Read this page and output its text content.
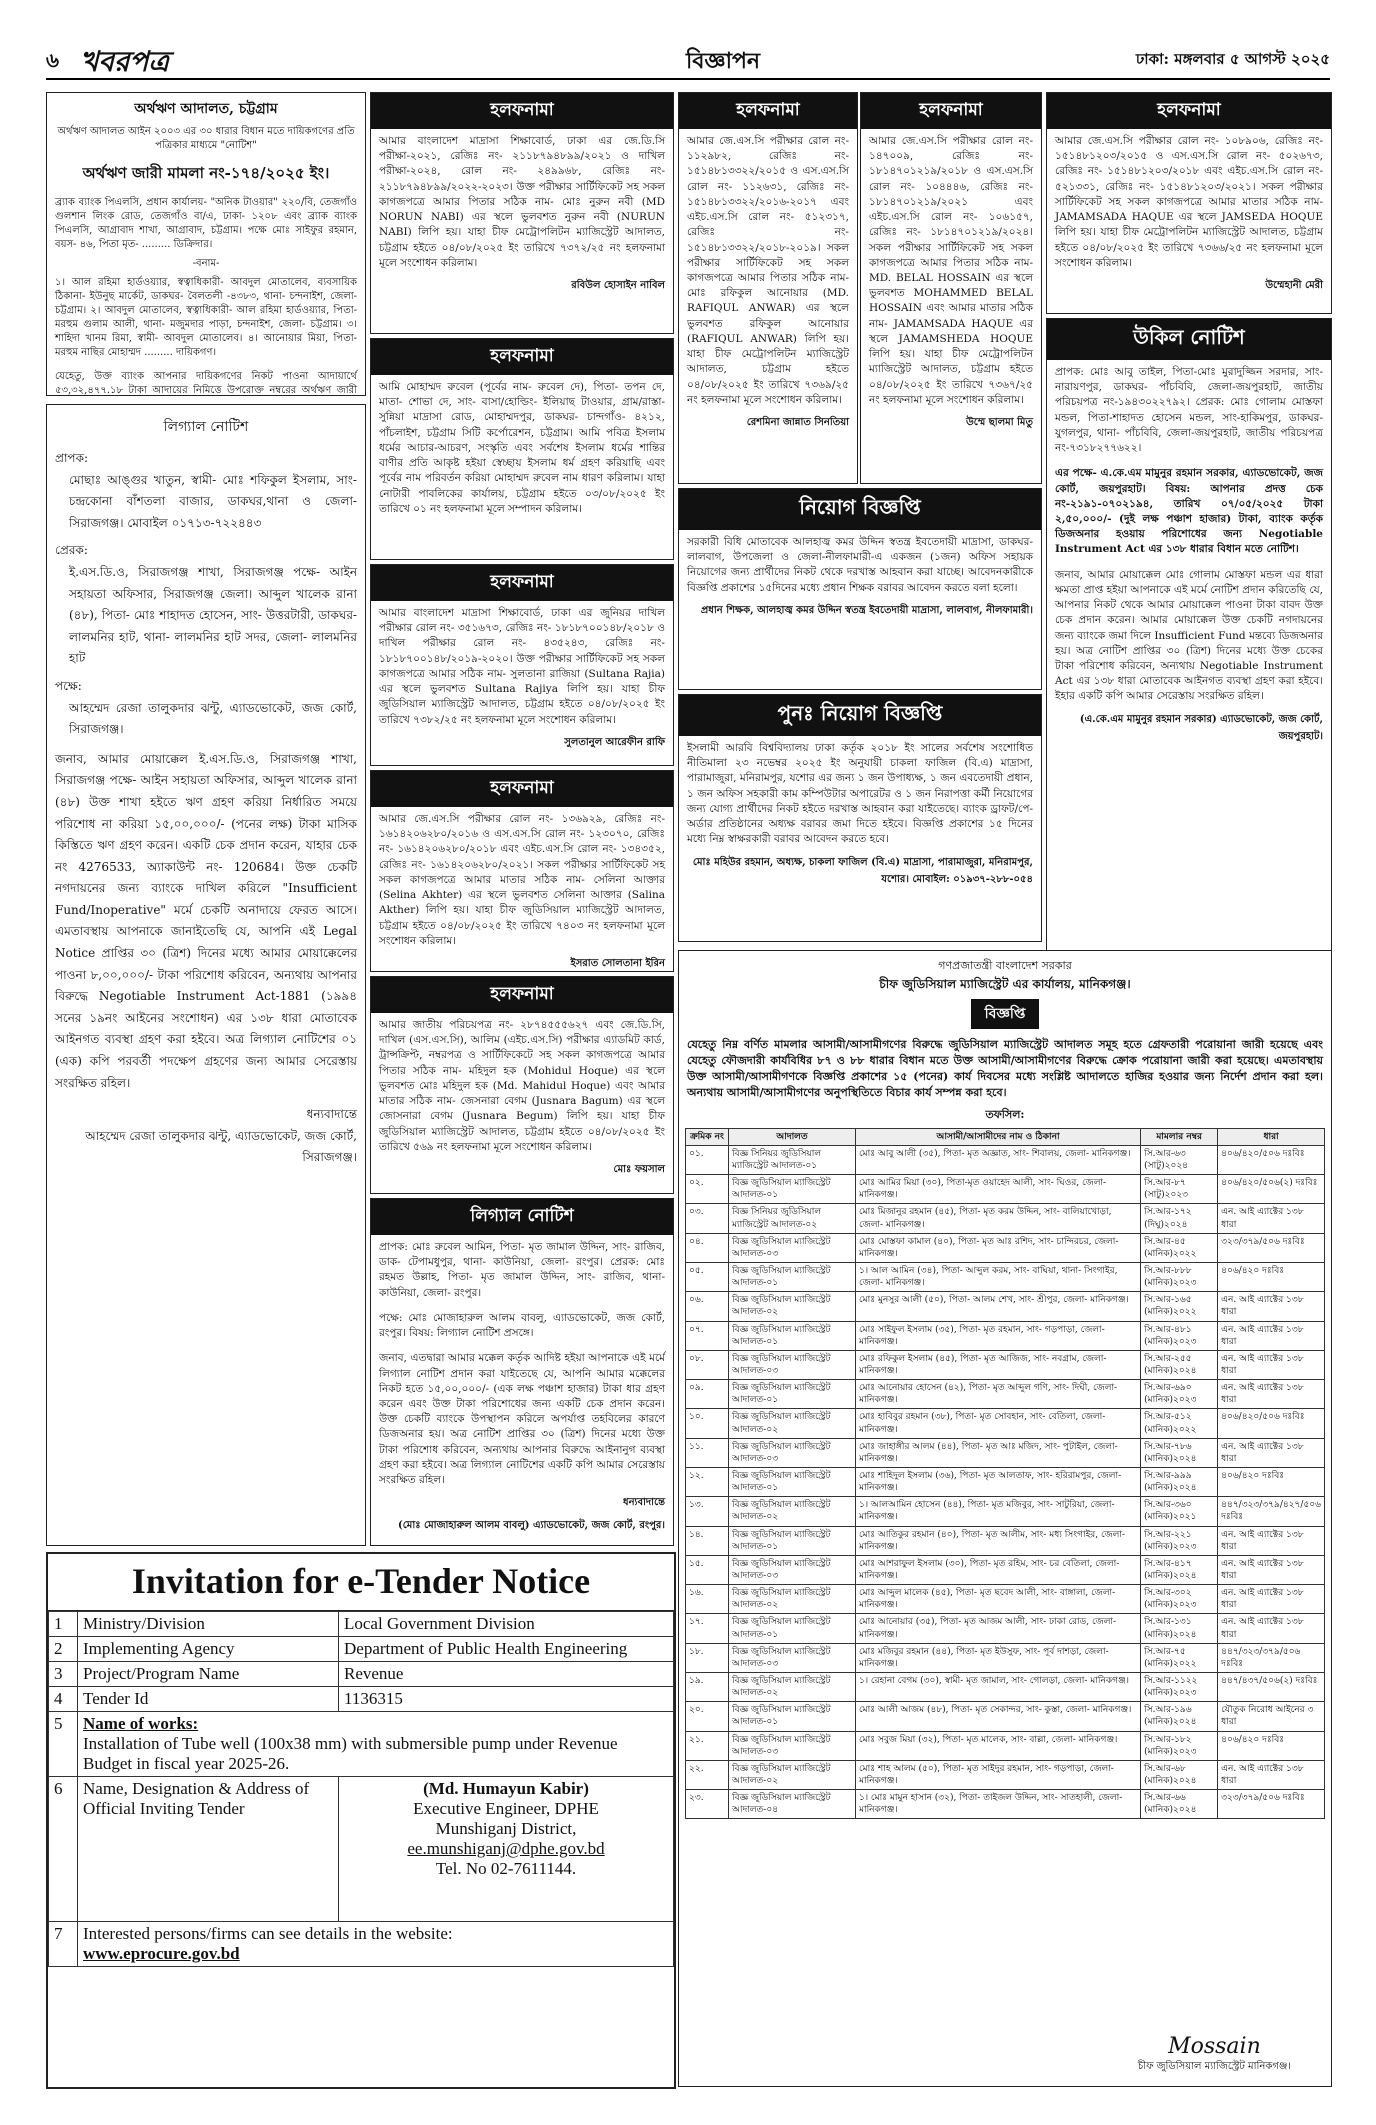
৬ খবরপত্র	বিজ্ঞাপন	ঢাকা: মঙ্গলবার ৫ আগস্ট ২০২৫
অর্থঋণ আদালত, চট্টগ্রাম
অর্থঋণ আদালত আইন ২০০৩ এর ৩০ ধারার বিধান মতে দায়িকগণের প্রতি পত্রিকার মাধ্যমে "নোটিশ"
অর্থঋণ জারী মামলা নং-১৭৪/২০২৫ ইং।
ব্র্যাক ব্যাংক পিএলসি, প্রধান কার্যালয়- "অনিক টাওয়ার" ২২০/বি, তেজগাঁও গুলশান লিংক রোড, তেজগাঁও বা/এ, ঢাকা- ১২০৮ এবং ব্র্যাক ব্যাংক পিএলসি, আগ্রাবাদ শাখা, আগ্রাবাদ, চট্টগ্রাম। পক্ষে মোঃ সাইফুর রহমান, বয়স- ৪৬, পিতা মৃত- ......... ডিক্রিদার।
-বনাম-
১। আল রহিমা হার্ডওয়্যার, স্বত্বাধিকারী- আবদুল মোতালেব, ব্যবসায়িক ঠিকানা- ইউনুছ মার্কেট, ডাকঘর- বৈলতলী -৪৩৮৩, থানা- চন্দনাইশ, জেলা- চট্টগ্রাম। ২। আবদুল মোতালেব, স্বত্বাধিকারী- আল রহিমা হার্ডওয়্যার, পিতা- মরহুম গুলাম আলী, থানা- মজুমদার পাড়া, চন্দনাইশ, জেলা- চট্টগ্রাম। ৩। শাহিদা খানম রিমা, স্বামী- আবদুল মোতালেব। ৪। আনোয়ার মিয়া, পিতা- মরহুম নাছির মোহাম্মদ ......... দায়িকগণ।
যেহেতু, উক্ত ব্যাংক আপনার দায়িকগণের নিকট পাওনা আদায়ার্থে ৫৩,৩২,৪৭৭.১৮ টাকা আদায়ের নিমিত্তে উপরোক্ত নম্বরের অর্থঋণ জারী
লিগ্যাল নোটিশ
প্রাপক:
মোছাঃ আঙ্গুর খাতুন, স্বামী- মোঃ শফিকুল ইসলাম, সাং- চন্দ্রকোনা বাঁশতলা বাজার, ডাকঘর,থানা ও জেলা- সিরাজগঞ্জ। মোবাইল ০১৭১৩-৭২২৪৪৩
প্রেরক:
ই.এস.ডি.ও, সিরাজগঞ্জ শাখা, সিরাজগঞ্জ পক্ষে- আইন সহায়তা অফিসার, সিরাজগঞ্জ জেলা। আব্দুল খালেক রানা (৪৮), পিতা- মোঃ শাহাদত হোসেন, সাং- উত্তরটারী, ডাকঘর- লালমনির হাট, থানা- লালমনির হাট সদর, জেলা- লালমনির হাট
পক্ষে:
আহম্মেদ রেজা তালুকদার ঝন্টু, এ্যাডভোকেট, জজ কোর্ট, সিরাজগঞ্জ।
জনাব, আমার মোয়াক্কেল ই.এস.ডি.ও, সিরাজগঞ্জ শাখা, সিরাজগঞ্জ পক্ষে- আইন সহায়তা অফিসার, আব্দুল খালেক রানা (৪৮) উক্ত শাখা হইতে ঋণ গ্রহণ করিয়া নির্ধারিত সময়ে পরিশোধ না করিয়া ১৫,০০,০০০/- (পনের লক্ষ) টাকা মাসিক কিস্তিতে ঋণ গ্রহণ করেন। একটি চেক প্রদান করেন, যাহার চেক নং 4276533, অ্যাকাউন্ট নং- 120684। উক্ত চেকটি নগদায়নের জন্য ব্যাংকে দাখিল করিলে "Insufficient Fund/Inoperative" মর্মে চেকটি অনাদায়ে ফেরত আসে। এমতাবস্থায় আপনাকে জানাইতেছি যে, আপনি এই Legal Notice প্রাপ্তির ৩০ (ত্রিশ) দিনের মধ্যে আমার মোয়াক্কেলের পাওনা ৮,০০,০০০/- টাকা পরিশোধ করিবেন, অন্যথায় আপনার বিরুদ্ধে Negotiable Instrument Act-1881 (১৯৯৪ সনের ১৯নং আইনের সংশোধন) এর ১৩৮ ধারা মোতাবেক আইনগত ব্যবস্থা গ্রহণ করা হইবে। অত্র লিগ্যাল নোটিশের ০১ (এক) কপি পরবর্তী পদক্ষেপ গ্রহণের জন্য আমার সেরেস্তায় সংরক্ষিত রহিল।
ধন্যবাদান্তে
আহম্মেদ রেজা তালুকদার ঝন্টু, এ্যাডভোকেট, জজ কোর্ট, সিরাজগঞ্জ।
হলফনামা
আমার বাংলাদেশ মাদ্রাসা শিক্ষাবোর্ড, ঢাকা এর জে.ডি.সি পরীক্ষা-২০২১, রেজিঃ নং- ২১১৮৭৯৪৮৯৯/২০২১ ও দাখিল পরীক্ষা-২০২৪, রোল নং- ২৪৯৯৬৮, রেজিঃ নং- ২১১৮৭৯৪৮৯৯/২০২২-২০২৩। উক্ত পরীক্ষার সার্টিফিকেট সহ সকল কাগজপত্রে আমার পিতার সঠিক নাম- মোঃ নুরুন নবী (MD NORUN NABI) এর স্থলে ভুলবশত নুরুন নবী (NURUN NABI) লিপি হয়। যাহা চীফ মেট্রোপলিটন ম্যাজিস্ট্রেট আদালত, চট্টগ্রাম হইতে ০৪/০৮/২০২৫ ইং তারিখে ৭৩৭২/২৫ নং হলফনামা মূলে সংশোধন করিলাম।
রবিউল হোসাইন নাবিল
হলফনামা
আমার জে.এস.সি পরীক্ষার রোল নং- ১১২৯৮২, রেজিঃ নং- ১৫১৪৮১৩৩২২/২০১৫ ও এস.এস.সি রোল নং- ১১২৬৩১, রেজিঃ নং- ১৫১৪৮১৩৩২২/২০১৬-২০১৭ এবং এইচ.এস.সি রোল নং- ৫১২৩১৭, রেজিঃ নং- ১৫১৪৮১৩৩২২/২০১৮-২০১৯। সকল পরীক্ষার সার্টিফিকেট সহ সকল কাগজপত্রে আমার পিতার সঠিক নাম- মোঃ রফিকুল আনোয়ার (MD. RAFIQUL ANWAR) এর স্থলে ভুলবশত রফিকুল আনোয়ার (RAFIQUL ANWAR) লিপি হয়। যাহা চীফ মেট্রোপলিটন ম্যাজিস্ট্রেট আদালত, চট্টগ্রাম হইতে ০৪/০৮/২০২৫ ইং তারিখে ৭৩৬৯/২৫ নং হলফনামা মূলে সংশোধন করিলাম।
রেশমিনা জান্নাত সিনতিয়া
হলফনামা
আমার জে.এস.সি পরীক্ষার রোল নং- ১৪৭০০৯, রেজিঃ নং- ১৮১৪৭০১২১৯/২০১৮ ও এস.এস.সি রোল নং- ১০৪৪৪৬, রেজিঃ নং- ১৮১৪৭০১২১৯/২০২১ এবং এইচ.এস.সি রোল নং- ১০৬১৫৭, রেজিঃ নং- ১৮১৪৭০১২১৯/২০২৪। সকল পরীক্ষার সার্টিফিকেট সহ সকল কাগজপত্রে আমার পিতার সঠিক নাম- MD. BELAL HOSSAIN এর স্থলে ভুলবশত MOHAMMED BELAL HOSSAIN এবং আমার মাতার সঠিক নাম- JAMAMSADA HAQUE এর স্থলে JAMAMSHEDA HOQUE লিপি হয়। যাহা চীফ মেট্রোপলিটন ম্যাজিস্ট্রেট আদালত, চট্টগ্রাম হইতে ০৪/০৮/২০২৫ ইং তারিখে ৭৩৬৭/২৫ নং হলফনামা মূলে সংশোধন করিলাম।
উম্মে ছালমা মিতু
হলফনামা
আমার জে.এস.সি পরীক্ষার রোল নং- ১০৮৯০৬, রেজিঃ নং- ১৫১৪৮১২০৩/২০১৫ ও এস.এস.সি রোল নং- ৫০২৬৭৩, রেজিঃ নং- ১৫১৪৮১২০৩/২০১৮ এবং এইচ.এস.সি রোল নং- ৫২১৩৩১, রেজিঃ নং- ১৫১৪৮১২০৩/২০২১। সকল পরীক্ষার সার্টিফিকেট সহ সকল কাগজপত্রে আমার মাতার সঠিক নাম- JAMAMSADA HAQUE এর স্থলে JAMSEDA HOQUE লিপি হয়। যাহা চীফ মেট্রোপলিটন ম্যাজিস্ট্রেট আদালত, চট্টগ্রাম হইতে ০৪/০৮/২০২৫ ইং তারিখে ৭৩৬৬/২৫ নং হলফনামা মূলে সংশোধন করিলাম।
উম্মেহানী মেরী
উকিল নোটিশ
প্রাপক: মোঃ আবু তাইল, পিতা-মোঃ মুরাদুজ্জিন সরদার, সাং- নারায়ণপুর, ডাকঘর- পাঁচবিবি, জেলা-জয়পুরহাট, জাতীয় পরিচয়পত্র নং-১৯৪৩০২২৭৯২। প্রেরক: মোঃ গোলাম মোস্তফা মন্ডল, পিতা-শাহাদত হোসেন মন্ডল, সাং-হাকিমপুর, ডাকঘর-যুগলপুর, থানা- পাঁচবিবি, জেলা-জয়পুরহাট, জাতীয় পরিচয়পত্র নং-৭৩১৮২৭৭৬২২।
এর পক্ষে- এ.কে.এম মামুনুর রহমান সরকার, এ্যাডভোকেট, জজ কোর্ট, জয়পুরহাট। বিষয়: আপনার প্রদত্ত চেক নং-২১৯১-০৭০২১৯৪, তারিখ ০৭/০৫/২০২৫ টাকা ২,৫০,০০০/- (দুই লক্ষ পঞ্চাশ হাজার) টাকা, ব্যাংক কর্তৃক ডিজঅনার হওয়ায় পরিশোধের জন্য Negotiable Instrument Act এর ১৩৮ ধারার বিধান মতে নোটিশ।
জনাব, আমার মোয়াক্কেল মোঃ গোলাম মোস্তফা মন্ডল এর ধারা ক্ষমতা প্রাপ্ত হইয়া আপনাকে এই মর্মে নোটিশ প্রদান করিতেছি যে, আপনার নিকট থেকে আমার মোয়াক্কেল পাওনা টাকা বাবদ উক্ত চেক প্রদান করেন। আমার মোয়াক্কেল উক্ত চেকটি নগদায়নের জন্য ব্যাংকে জমা দিলে Insufficient Fund মন্তব্যে ডিজঅনার হয়। অত্র নোটিশ প্রাপ্তির ৩০ (ত্রিশ) দিনের মধ্যে উক্ত চেকের টাকা পরিশোধ করিবেন, অন্যথায় Negotiable Instrument Act এর ১৩৮ ধারা মোতাবেক আইনগত ব্যবস্থা গ্রহণ করা হইবে। ইহার একটি কপি আমার সেরেস্তায় সংরক্ষিত রহিল।
(এ.কে.এম মামুনুর রহমান সরকার) এ্যাডভোকেট, জজ কোর্ট, জয়পুরহাট।
হলফনামা
আমি মোহাম্মদ রুবেল (পূর্বের নাম- রুবেল দে), পিতা- তপন দে, মাতা- শোভা দে, সাং- বাসা/হোল্ডিং- ইলিয়াছ টাওয়ার, গ্রাম/রাস্তা- সুন্নিয়া মাদ্রাসা রোড, মোহাম্মদপুর, ডাকঘর- চান্দগাঁও- ৪২১২, পাঁচলাইশ, চট্টগ্রাম সিটি কর্পোরেশন, চট্টগ্রাম। আমি পবিত্র ইসলাম ধর্মের আচার-আচরণ, সংস্কৃতি এবং সর্বশেষ ইসলাম ধর্মের শান্তির বাণীর প্রতি আকৃষ্ট হইয়া স্বেচ্ছায় ইসলাম ধর্ম গ্রহণ করিয়াছি এবং পূর্বের নাম পরিবর্তন করিয়া মোহাম্মদ রুবেল নাম ধারণ করিলাম। যাহা নোটারী পাবলিকের কার্যালয়, চট্টগ্রাম হইতে ০৩/০৮/২০২৫ ইং তারিখে ০১ নং হলফনামা মূলে সম্পাদন করিলাম।	নিয়োগ বিজ্ঞপ্তি
সরকারী বিধি মোতাবেক আলহাজ্ব কমর উদ্দিন স্বতন্ত্র ইবতেদায়ী মাদ্রাসা, ডাকঘর-লালবাগ, উপজেলা ও জেলা-নীলফামারী-এ একজন (১জন) অফিস সহায়ক নিয়োগের জন্য প্রার্থীদের নিকট থেকে দরখাস্ত আহবান করা যাচ্ছে। আবেদনকারীকে বিজ্ঞপ্তি প্রকাশের ১৫দিনের মধ্যে প্রধান শিক্ষক বরাবর আবেদন করতে বলা হলো।
প্রধান শিক্ষক, আলহাজ্ব কমর উদ্দিন স্বতন্ত্র ইবতেদায়ী মাদ্রাসা, লালবাগ, নীলফামারী।
হলফনামা
আমার বাংলাদেশ মাদ্রাসা শিক্ষাবোর্ড, ঢাকা এর জুনিয়র দাখিল পরীক্ষার রোল নং- ৩৫১৬৭৩, রেজিঃ নং- ১৮১৮৭০০১৪৮/২০১৮ ও দাখিল পরীক্ষার রোল নং- ৪৩৫২৪৩, রেজিঃ নং- ১৮১৮৭০০১৪৮/২০১৯-২০২০। উক্ত পরীক্ষার সার্টিফিকেট সহ সকল কাগজপত্রে আমার সঠিক নাম- সুলতানা রাজিয়া (Sultana Rajia) এর স্থলে ভুলবশত Sultana Rajiya লিপি হয়। যাহা চীফ জুডিসিয়াল ম্যাজিস্ট্রেট আদালত, চট্টগ্রাম হইতে ০৪/০৮/২০২৫ ইং তারিখে ৭৩৮২/২৫ নং হলফনামা মূলে সংশোধন করিলাম।
সুলতানুল আরেফীন রাফি
পুনঃ নিয়োগ বিজ্ঞপ্তি
ইসলামী আরবি বিশ্ববিদ্যালয় ঢাকা কর্তৃক ২০১৮ ইং সালের সর্বশেষ সংশোধিত নীতিমালা ২৩ নভেম্বর ২০২৫ ইং অনুযায়ী চাকলা ফাজিল (বি.এ) মাদ্রাসা, পারামাজুরা, মনিরামপুর, যশোর এর জন্য ১ জন উপাধ্যক্ষ, ১ জন এবতেদায়ী প্রধান, ১ জন অফিস সহকারী কাম কম্পিউটার অপারেটর ও ১ জন নিরাপত্তা কর্মী নিয়োগের জন্য যোগ্য প্রার্থীদের নিকট হইতে দরখাস্ত আহবান করা যাইতেছে। ব্যাংক ড্রাফট/পে-অর্ডার প্রতিষ্ঠানের অধ্যক্ষ বরাবর জমা দিতে হইবে। বিজ্ঞপ্তি প্রকাশের ১৫ দিনের মধ্যে নিম্ন স্বাক্ষরকারী বরাবর আবেদন করতে হবে।
মোঃ মহিউর রহমান, অধ্যক্ষ, চাকলা ফাজিল (বি.এ) মাদ্রাসা, পারামাজুরা, মনিরামপুর, যশোর। মোবাইল: ০১৯৩৭-২৮৮-০৫৪
হলফনামা
আমার জে.এস.সি পরীক্ষার রোল নং- ১৩৬৯২৯, রেজিঃ নং- ১৬১৪২০৬২৮০/২০১৬ ও এস.এস.সি রোল নং- ১২৩০৭০, রেজিঃ নং- ১৬১৪২০৬২৮০/২০১৮ এবং এইচ.এস.সি রোল নং- ১৩৪৩৫২, রেজিঃ নং- ১৬১৪২০৬২৮০/২০২১। সকল পরীক্ষার সার্টিফিকেট সহ সকল কাগজপত্রে আমার মাতার সঠিক নাম- সেলিনা আক্তার (Selina Akhter) এর স্থলে ভুলবশত সেলিনা আক্তার (Salina Akther) লিপি হয়। যাহা চীফ জুডিসিয়াল ম্যাজিস্ট্রেট আদালত, চট্টগ্রাম হইতে ০৪/০৮/২০২৫ ইং তারিখে ৭৪০৩ নং হলফনামা মূলে সংশোধন করিলাম।
ইসরাত সোলতানা ইরিন
হলফনামা
আমার জাতীয় পরিচয়পত্র নং- ২৮৭৪৫৫৫৬২৭ এবং জে.ডি.সি, দাখিল (এস.এস.সি), আলিম (এইচ.এস.সি) পরীক্ষার এ্যাডমিট কার্ড, ট্রান্সক্রিপ্ট, নম্বরপত্র ও সার্টিফিকেটে সহ সকল কাগজপত্রে আমার পিতার সঠিক নাম- মহিদুল হক (Mohidul Hoque) এর স্থলে ভুলবশত মোঃ মহিদুল হক (Md. Mahidul Hoque) এবং আমার মাতার সঠিক নাম- জেসনারা বেগম (Jusnara Bagum) এর স্থলে জোসনারা বেগম (Jusnara Begum) লিপি হয়। যাহা চীফ জুডিসিয়াল ম্যাজিস্ট্রেট আদালত, চট্টগ্রাম হইতে ০৪/০৮/২০২৫ ইং তারিখে ৫৬৯ নং হলফনামা মূলে সংশোধন করিলাম।
মোঃ ফয়সাল
লিগ্যাল নোটিশ
প্রাপক: মোঃ রুবেল আমিন, পিতা- মৃত জামাল উদ্দিন, সাং- রাজিব, ডাক- টেপামধুপুর, থানা- কাউনিয়া, জেলা- রংপুর। প্রেরক: মোঃ রহমত উল্লাহ, পিতা- মৃত জামাল উদ্দিন, সাং- রাজিব, থানা- কাউনিয়া, জেলা- রংপুর।
পক্ষে: মোঃ মোজাহারুল আলম বাবলু, এ্যাডভোকেট, জজ কোর্ট, রংপুর। বিষয়: লিগ্যাল নোটিশ প্রসঙ্গে।
জনাব, এতদ্বারা আমার মক্কেল কর্তৃক আদিষ্ট হইয়া আপনাকে এই মর্মে লিগ্যাল নোটিশ প্রদান করা যাইতেছে যে, আপনি আমার মক্কেলের নিকট হতে ১৫,০০,০০০/- (এক লক্ষ পঞ্চাশ হাজার) টাকা ধার গ্রহণ করেন এবং উক্ত টাকা পরিশোধের জন্য একটি চেক প্রদান করেন। উক্ত চেকটি ব্যাংকে উপস্থাপন করিলে অপর্যাপ্ত তহবিলের কারণে ডিজঅনার হয়। অত্র নোটিশ প্রাপ্তির ৩০ (ত্রিশ) দিনের মধ্যে উক্ত টাকা পরিশোধ করিবেন, অন্যথায় আপনার বিরুদ্ধে আইনানুগ ব্যবস্থা গ্রহণ করা হইবে। অত্র লিগ্যাল নোটিশের একটি কপি আমার সেরেস্তায় সংরক্ষিত রহিল।
ধন্যবাদান্তে
(মোঃ মোজাহারুল আলম বাবলু) এ্যাডভোকেট, জজ কোর্ট, রংপুর।
গণপ্রজাতন্ত্রী বাংলাদেশ সরকার
চীফ জুডিসিয়াল ম্যাজিস্ট্রেট এর কার্যালয়, মানিকগঞ্জ।
বিজ্ঞপ্তি
যেহেতু নিম্ন বর্ণিত মামলার আসামী/আসামীগণের বিরুদ্ধে জুডিসিয়াল ম্যাজিস্ট্রেট আদালত সমূহ হতে গ্রেফতারী পরোয়ানা জারী হয়েছে এবং যেহেতু ফৌজদারী কার্যবিধির ৮৭ ও ৮৮ ধারার বিধান মতে উক্ত আসামী/আসামীগণের বিরুদ্ধে ক্রোক পরোয়ানা জারী করা হয়েছে। এমতাবস্থায় উক্ত আসামী/আসামীগণকে বিজ্ঞপ্তি প্রকাশের ১৫ (পনের) কার্য দিবসের মধ্যে সংশ্লিষ্ট আদালতে হাজির হওয়ার জন্য নির্দেশ প্রদান করা হল। অন্যথায় আসামী/আসামীগণের অনুপস্থিতিতে বিচার কার্য সম্পন্ন করা হবে।
তফসিল:
ক্রমিক নং	আদালত	আসামী/আসামীদের নাম ও ঠিকানা	মামলার নম্বর	ধারা
০১.	বিজ্ঞ সিনিয়র জুডিসিয়াল ম্যাজিস্ট্রেট আদালত-০১	মোঃ আবু আলী (৩৫), পিতা- মৃত অজ্ঞাত, সাং- শিবালয়, জেলা- মানিকগঞ্জ।	সি.আর-৬৩ (সাটু)২০২৪	৪০৬/৪২০/৫০৬ দঃবিঃ
০২.	বিজ্ঞ জুডিসিয়াল ম্যাজিস্ট্রেট আদালত-০১	মোঃ আমির মিয়া (৩০), পিতা-মৃত ওয়াহেদ আলী, সাং- ঘিওর, জেলা- মানিকগঞ্জ।	সি.আর-৮৭ (সাটু)২০২৩	৪০৬/৪২০/৫০৬(২) দঃবিঃ
০৩.	বিজ্ঞ সিনিয়র জুডিসিয়াল ম্যাজিস্ট্রেট আদালত-০২	মোঃ মিজানুর রহমান (৪৫), পিতা- মৃত করম উদ্দিন, সাং- বালিয়াখোড়া, জেলা- মানিকগঞ্জ।	সি.আর-১৭২ (দিঘু)২০২৪	এন. আই এ্যাক্টের ১৩৮ ধারা
০৪.	বিজ্ঞ জুডিসিয়াল ম্যাজিস্ট্রেট আদালত-০৩	মোঃ মোস্তফা কামাল (৪০), পিতা- মৃত আঃ রশিদ, সাং- চান্দিরচর, জেলা- মানিকগঞ্জ।	সি.আর-৪৫ (মানিক)২০২২	৩২৩/৩৭৯/৫০৬ দঃবিঃ
০৫.	বিজ্ঞ জুডিসিয়াল ম্যাজিস্ট্রেট আদালত-০১	১। আল আমিন (৩৪), পিতা- আব্দুল করম, সাং- বাঘিয়া, থানা- সিংগাইর, জেলা- মানিকগঞ্জ।	সি.আর-৮৮৮ (মানিক)২০২৩	৪০৬/৪২০ দঃবিঃ
০৬.	বিজ্ঞ জুডিসিয়াল ম্যাজিস্ট্রেট আদালত-০২	মোঃ মুনসুর আলী (৫০), পিতা- আলম শেখ, সাং- শ্রীপুর, জেলা- মানিকগঞ্জ।	সি.আর-১৬৫ (মানিক)২০২২	এন. আই এ্যাক্টের ১৩৮ ধারা
০৭.	বিজ্ঞ জুডিসিয়াল ম্যাজিস্ট্রেট আদালত-০১	মোঃ সাইফুল ইসলাম (৩৫), পিতা- মৃত রহমান, সাং- গড়পাড়া, জেলা- মানিকগঞ্জ।	সি.আর-৪৮১ (মানিক)২০২৩	এন. আই এ্যাক্টের ১৩৮ ধারা
০৮.	বিজ্ঞ জুডিসিয়াল ম্যাজিস্ট্রেট আদালত-০৩	মোঃ রফিকুল ইসলাম (৪৫), পিতা- মৃত আজিজ, সাং- নবগ্রাম, জেলা- মানিকগঞ্জ।	সি.আর-২৫৫ (মানিক)২০২৪	এন. আই এ্যাক্টের ১৩৮ ধারা
০৯.	বিজ্ঞ জুডিসিয়াল ম্যাজিস্ট্রেট আদালত-০১	মোঃ আনোয়ার হোসেন (৪২), পিতা- মৃত আব্দুল গণি, সাং- দিঘী, জেলা- মানিকগঞ্জ।	সি.আর-৬৯০ (মানিক)২০২৩	এন. আই এ্যাক্টের ১৩৮ ধারা
১০.	বিজ্ঞ জুডিসিয়াল ম্যাজিস্ট্রেট আদালত-০২	মোঃ হাবিবুর রহমান (৩৮), পিতা- মৃত সোবহান, সাং- বেতিলা, জেলা- মানিকগঞ্জ।	সি.আর-৫১২ (মানিক)২০২২	৪০৬/৪২০/৫০৬ দঃবিঃ
১১.	বিজ্ঞ জুডিসিয়াল ম্যাজিস্ট্রেট আদালত-০৩	মোঃ জাহাঙ্গীর আলম (৪৪), পিতা- মৃত আঃ মজিদ, সাং- পুটাইল, জেলা- মানিকগঞ্জ।	সি.আর-৭৮৬ (মানিক)২০২৪	এন. আই এ্যাক্টের ১৩৮ ধারা
১২.	বিজ্ঞ জুডিসিয়াল ম্যাজিস্ট্রেট আদালত-০১	মোঃ শাহিদুল ইসলাম (৩৬), পিতা- মৃত আলতাফ, সাং- হরিরামপুর, জেলা- মানিকগঞ্জ।	সি.আর-৯৯৯ (মানিক)২০২৪	৪০৬/৪২০ দঃবিঃ
১৩.	বিজ্ঞ জুডিসিয়াল ম্যাজিস্ট্রেট আদালত-০২	১। আলআমিন হোসেন (৪৪), পিতা- মৃত মজিবুর, সাং- সাটুরিয়া, জেলা- মানিকগঞ্জ।	সি.আর-৩৬০ (মানিক)২০২১	৪৪৭/৩২৩/৩৭৯/৪২৭/৫০৬ দঃবিঃ
১৪.	বিজ্ঞ জুডিসিয়াল ম্যাজিস্ট্রেট আদালত-০১	মোঃ আতিকুর রহমান (৪০), পিতা- মৃত আলীম, সাং- মধ্য সিংগাইর, জেলা- মানিকগঞ্জ।	সি.আর-২২১ (মানিক)২০২৩	এন. আই এ্যাক্টের ১৩৮ ধারা
১৫.	বিজ্ঞ জুডিসিয়াল ম্যাজিস্ট্রেট আদালত-০৩	মোঃ আশরাফুল ইসলাম (৩০), পিতা- মৃত রহিম, সাং- চর বেতিলা, জেলা- মানিকগঞ্জ।	সি.আর-৪১৭ (মানিক)২০২৪	এন. আই এ্যাক্টের ১৩৮ ধারা
১৬.	বিজ্ঞ জুডিসিয়াল ম্যাজিস্ট্রেট আদালত-০২	মোঃ আব্দুল মালেক (৪৫), পিতা- মৃত ছবেদ আলী, সাং- বাঙ্গালা, জেলা- মানিকগঞ্জ।	সি.আর-৩০২ (মানিক)২০২৩	এন. আই এ্যাক্টের ১৩৮ ধারা
১৭.	বিজ্ঞ জুডিসিয়াল ম্যাজিস্ট্রেট আদালত-০১	মোঃ আনোয়ার (৩৫), পিতা- মৃত আজম আলী, সাং- ঢাকা রোড, জেলা- মানিকগঞ্জ।	সি.আর-১৩১ (মানিক)২০২৪	এন. আই এ্যাক্টের ১৩৮ ধারা
১৮.	বিজ্ঞ জুডিসিয়াল ম্যাজিস্ট্রেট আদালত-০৩	মোঃ মজিবুর রহমান (৪৪), পিতা- মৃত ইউসুফ, সাং- পূর্ব দাশড়া, জেলা- মানিকগঞ্জ।	সি.আর-৭৫ (মানিক)২০২২	৪৪৭/৩২৩/৩৭৯/৫০৬ দঃবিঃ
১৯.	বিজ্ঞ জুডিসিয়াল ম্যাজিস্ট্রেট আদালত-০২	১। রেহানা বেগম (৩০), স্বামী- মৃত জামাল, সাং- গোলড়া, জেলা- মানিকগঞ্জ।	সি.আর-১১২২ (মানিক)২০২৩	৪৪৭/৪৩৭/৫০৬(২) দঃবিঃ
২০.	বিজ্ঞ জুডিসিয়াল ম্যাজিস্ট্রেট আদালত-০১	মোঃ আলী আজম (৪৮), পিতা- মৃত সেকান্দর, সাং- কুস্তা, জেলা- মানিকগঞ্জ।	সি.আর-১৯৬ (মানিক)২০২৪	যৌতুক নিরোধ আইনের ৩ ধারা
২১.	বিজ্ঞ জুডিসিয়াল ম্যাজিস্ট্রেট আদালত-০৩	মোঃ সবুজ মিয়া (৩২), পিতা- মৃত মালেক, সাং- বাল্লা, জেলা- মানিকগঞ্জ।	সি.আর-১৮২ (মানিক)২০২৩	৪০৬/৪২০ দঃবিঃ
২২.	বিজ্ঞ জুডিসিয়াল ম্যাজিস্ট্রেট আদালত-০২	মোঃ শাহ আলম (৫০), পিতা- মৃত সাইদুর রহমান, সাং- গড়পাড়া, জেলা- মানিকগঞ্জ।	সি.আর-৬৮ (মানিক)২০২৪	এন. আই এ্যাক্টের ১৩৮ ধারা
২৩.	বিজ্ঞ জুডিসিয়াল ম্যাজিস্ট্রেট আদালত-০৪	১। মোঃ মামুন হাসান (৩২), পিতা- তাইজল উদ্দিন, সাং- সাতহালী, জেলা- মানিকগঞ্জ।	সি.আর-৬৬ (মানিক)২০২৪	৩২৩/৩৭৯/৫০৬ দঃবিঃ
Mossain
চীফ জুডিসিয়াল ম্যাজিস্ট্রেট মানিকগঞ্জ।
Invitation for e-Tender Notice
1	Ministry/Division	Local Government Division
2	Implementing Agency	Department of Public Health Engineering
3	Project/Program Name	Revenue
4	Tender Id	1136315
5	Name of works:
Installation of Tube well (100x38 mm) with submersible pump under Revenue Budget in fiscal year 2025-26.	

6	Name, Designation & Address of Official Inviting Tender	(Md. Humayun Kabir)
Executive Engineer, DPHE
Munshiganj District,
ee.munshiganj@dphe.gov.bd
Tel. No 02-7611144.

7	Interested persons/firms can see details in the website:
www.eprocure.gov.bd	
